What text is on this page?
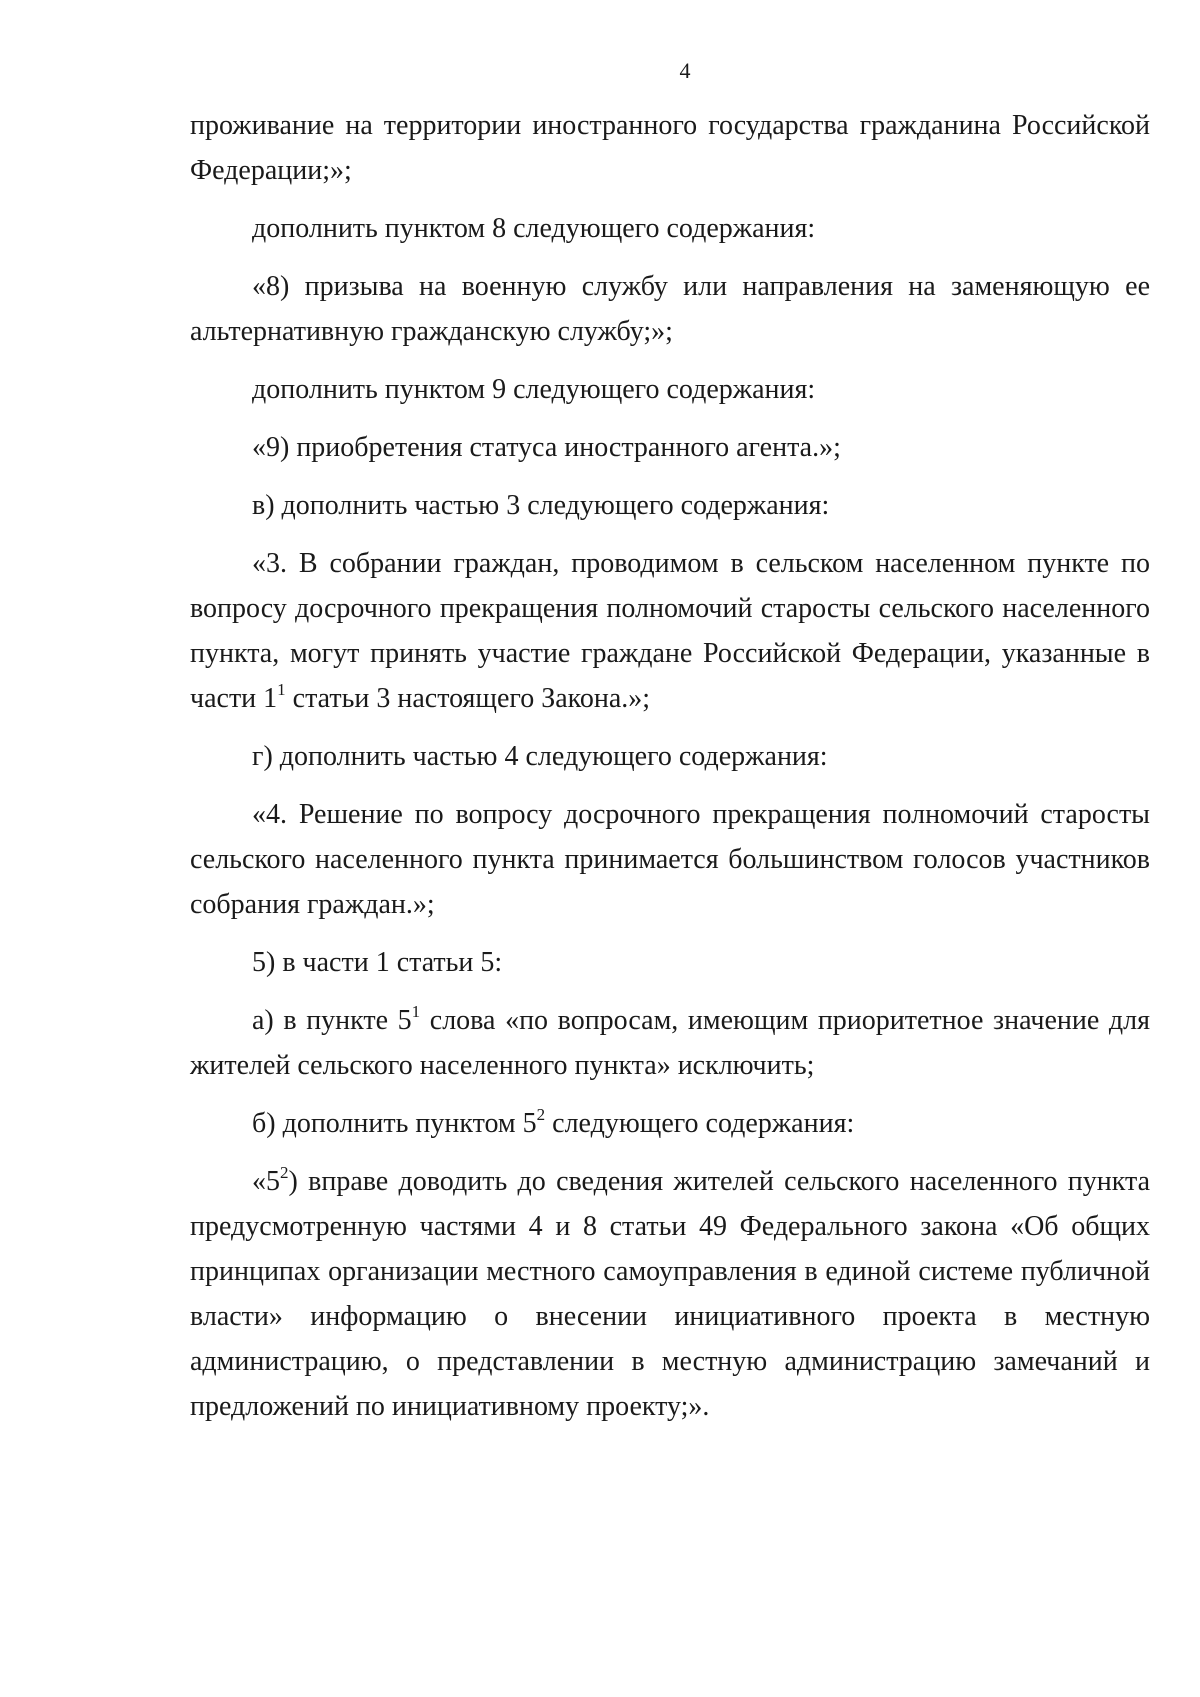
4

проживание на территории иностранного государства гражданина Российской Федерации;»;

дополнить пунктом 8 следующего содержания:

«8) призыва на военную службу или направления на заменяющую ее альтернативную гражданскую службу;»;

дополнить пунктом 9 следующего содержания:

«9) приобретения статуса иностранного агента.»;

в) дополнить частью 3 следующего содержания:

«3. В собрании граждан, проводимом в сельском населенном пункте по вопросу досрочного прекращения полномочий старосты сельского населенного пункта, могут принять участие граждане Российской Федерации, указанные в части $1^1$ статьи 3 настоящего Закона.»;

г) дополнить частью 4 следующего содержания:

«4. Решение по вопросу досрочного прекращения полномочий старосты сельского населенного пункта принимается большинством голосов участников собрания граждан.»;

5) в части 1 статьи 5:

а) в пункте $5^1$ слова «по вопросам, имеющим приоритетное значение для жителей сельского населенного пункта» исключить;

б) дополнить пунктом $5^2$ следующего содержания:

«$5^2$) вправе доводить до сведения жителей сельского населенного пункта предусмотренную частями 4 и 8 статьи 49 Федерального закона «Об общих принципах организации местного самоуправления в единой системе публичной власти» информацию о внесении инициативного проекта в местную администрацию, о представлении в местную администрацию замечаний и предложений по инициативному проекту;».
